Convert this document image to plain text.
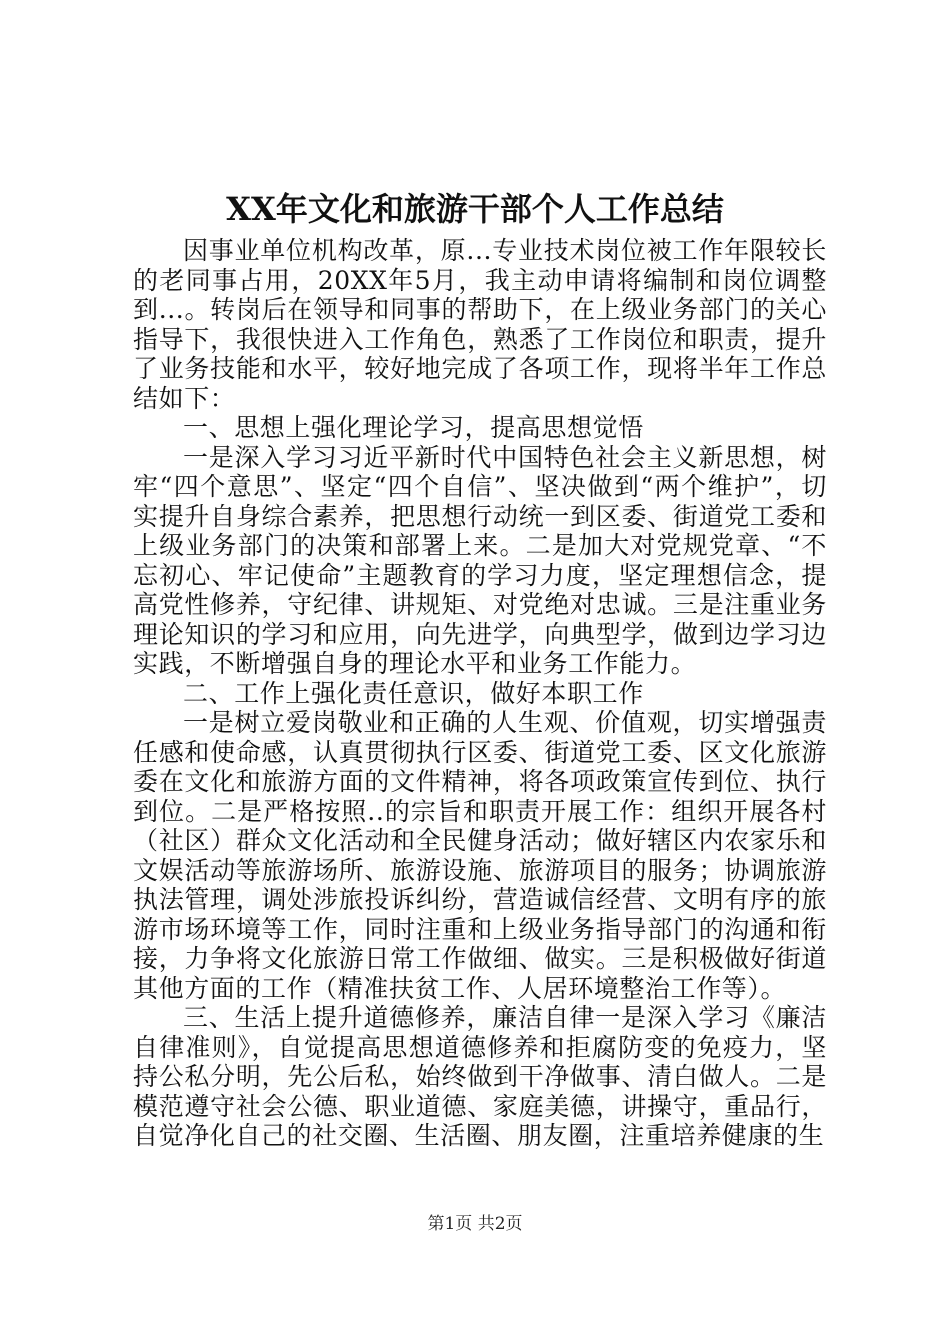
XX年文化和旅游干部个人工作总结

因事业单位机构改革，原...专业技术岗位被工作年限较长的老同事占用，20XX年5月，我主动申请将编制和岗位调整到...。转岗后在领导和同事的帮助下，在上级业务部门的关心指导下，我很快进入工作角色，熟悉了工作岗位和职责，提升了业务技能和水平，较好地完成了各项工作，现将半年工作总结如下：

一、思想上强化理论学习，提高思想觉悟

一是深入学习习近平新时代中国特色社会主义新思想，树牢“四个意思”、坚定“四个自信”、坚决做到“两个维护”，切实提升自身综合素养，把思想行动统一到区委、街道党工委和上级业务部门的决策和部署上来。二是加大对党规党章、“不忘初心、牢记使命”主题教育的学习力度，坚定理想信念，提高党性修养，守纪律、讲规矩、对党绝对忠诚。三是注重业务理论知识的学习和应用，向先进学，向典型学，做到边学习边实践，不断增强自身的理论水平和业务工作能力。

二、工作上强化责任意识，做好本职工作

一是树立爱岗敬业和正确的人生观、价值观，切实增强责任感和使命感，认真贯彻执行区委、街道党工委、区文化旅游委在文化和旅游方面的文件精神，将各项政策宣传到位、执行到位。二是严格按照..的宗旨和职责开展工作：组织开展各村（社区）群众文化活动和全民健身活动；做好辖区内农家乐和文娱活动等旅游场所、旅游设施、旅游项目的服务；协调旅游执法管理，调处涉旅投诉纠纷，营造诚信经营、文明有序的旅游市场环境等工作，同时注重和上级业务指导部门的沟通和衔接，力争将文化旅游日常工作做细、做实。三是积极做好街道其他方面的工作（精准扶贫工作、人居环境整治工作等）。

三、生活上提升道德修养，廉洁自律一是深入学习《廉洁自律准则》，自觉提高思想道德修养和拒腐防变的免疫力，坚持公私分明，先公后私，始终做到干净做事、清白做人。二是模范遵守社会公德、职业道德、家庭美德，讲操守，重品行，自觉净化自己的社交圈、生活圈、朋友圈，注重培养健康的生

第1页 共2页
